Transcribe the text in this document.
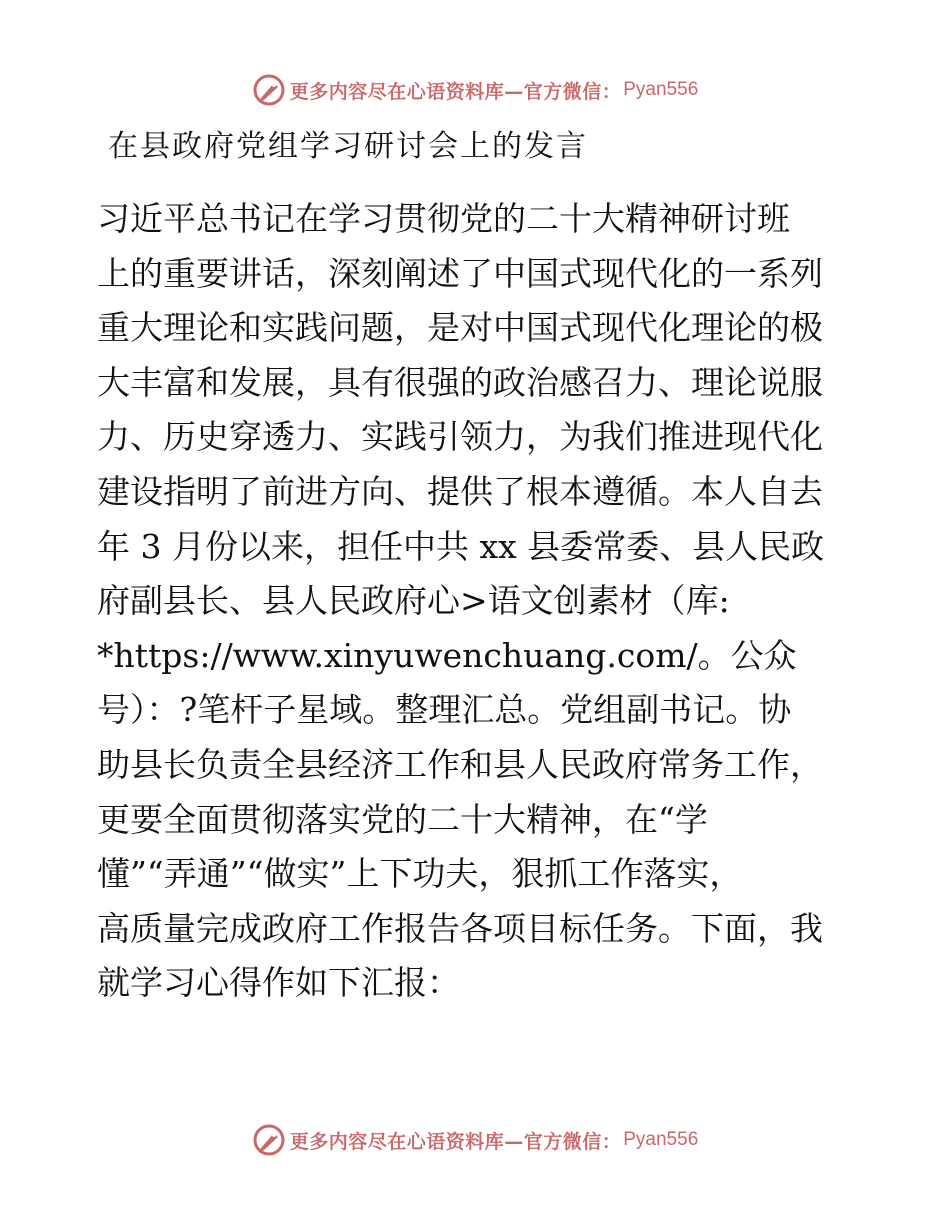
更多内容尽在心语资料库—官方微信： Pyan556
在县政府党组学习研讨会上的发言
习近平总书记在学习贯彻党的二十大精神研讨班
上的重要讲话，深刻阐述了中国式现代化的一系列
重大理论和实践问题，是对中国式现代化理论的极
大丰富和发展，具有很强的政治感召力、理论说服
力、历史穿透力、实践引领力，为我们推进现代化
建设指明了前进方向、提供了根本遵循。本人自去
年 3 月份以来，担任中共 xx 县委常委、县人民政
府副县长、县人民政府心>语文创素材（库:
*https://www.xinyuwenchuang.com/。公众
号）：?笔杆子星域。整理汇总。党组副书记。协
助县长负责全县经济工作和县人民政府常务工作，
更要全面贯彻落实党的二十大精神，在“学
懂”“弄通”“做实”上下功夫，狠抓工作落实，
高质量完成政府工作报告各项目标任务。下面，我
就学习心得作如下汇报：
更多内容尽在心语资料库—官方微信： Pyan556
